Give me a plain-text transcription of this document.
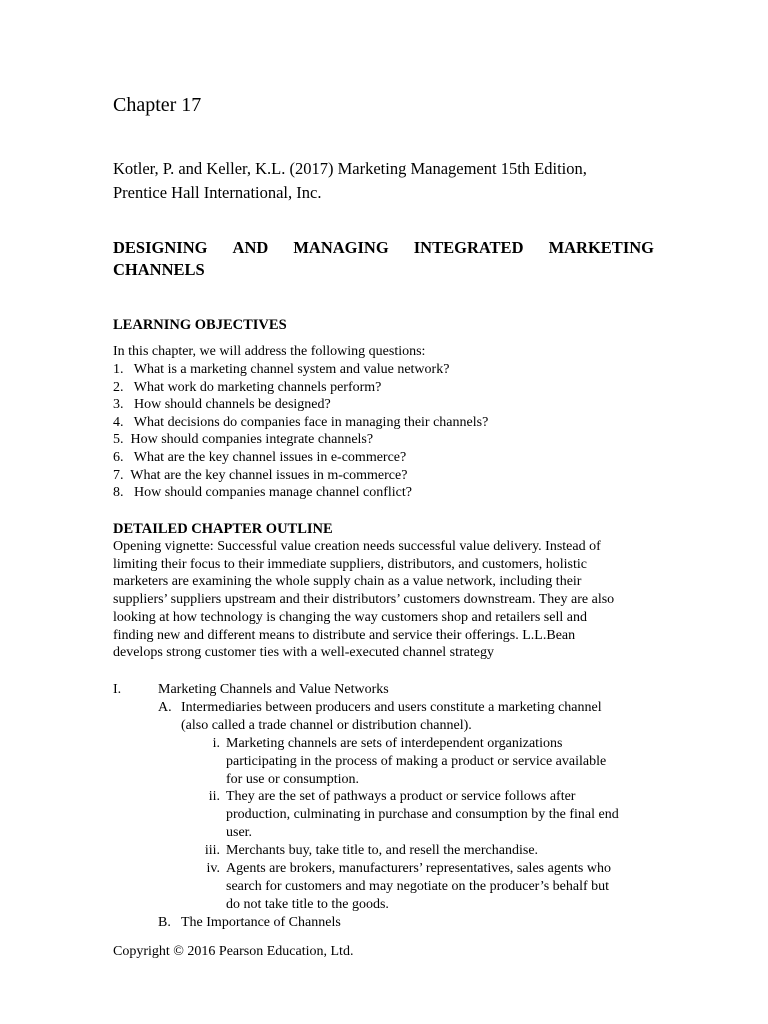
Chapter 17
Kotler, P. and Keller, K.L. (2017) Marketing Management 15th Edition,
Prentice Hall International, Inc.
DESIGNING AND MANAGING INTEGRATED MARKETING
CHANNELS
LEARNING OBJECTIVES
In this chapter, we will address the following questions:
1.   What is a marketing channel system and value network?
2.   What work do marketing channels perform?
3.   How should channels be designed?
4.   What decisions do companies face in managing their channels?
5.  How should companies integrate channels?
6.   What are the key channel issues in e-commerce?
7.  What are the key channel issues in m-commerce?
8.   How should companies manage channel conflict?
DETAILED CHAPTER OUTLINE
Opening vignette: Successful value creation needs successful value delivery. Instead of
limiting their focus to their immediate suppliers, distributors, and customers, holistic
marketers are examining the whole supply chain as a value network, including their
suppliers’ suppliers upstream and their distributors’ customers downstream. They are also
looking at how technology is changing the way customers shop and retailers sell and
finding new and different means to distribute and service their offerings. L.L.Bean
develops strong customer ties with a well-executed channel strategy
I.	Marketing Channels and Value Networks
A. Intermediaries between producers and users constitute a marketing channel
(also called a trade channel or distribution channel).
i. Marketing channels are sets of interdependent organizations
participating in the process of making a product or service available
for use or consumption.
ii. They are the set of pathways a product or service follows after
production, culminating in purchase and consumption by the final end
user.
iii. Merchants buy, take title to, and resell the merchandise.
iv. Agents are brokers, manufacturers’ representatives, sales agents who
search for customers and may negotiate on the producer’s behalf but
do not take title to the goods.
B. The Importance of Channels
Copyright © 2016 Pearson Education, Ltd.
